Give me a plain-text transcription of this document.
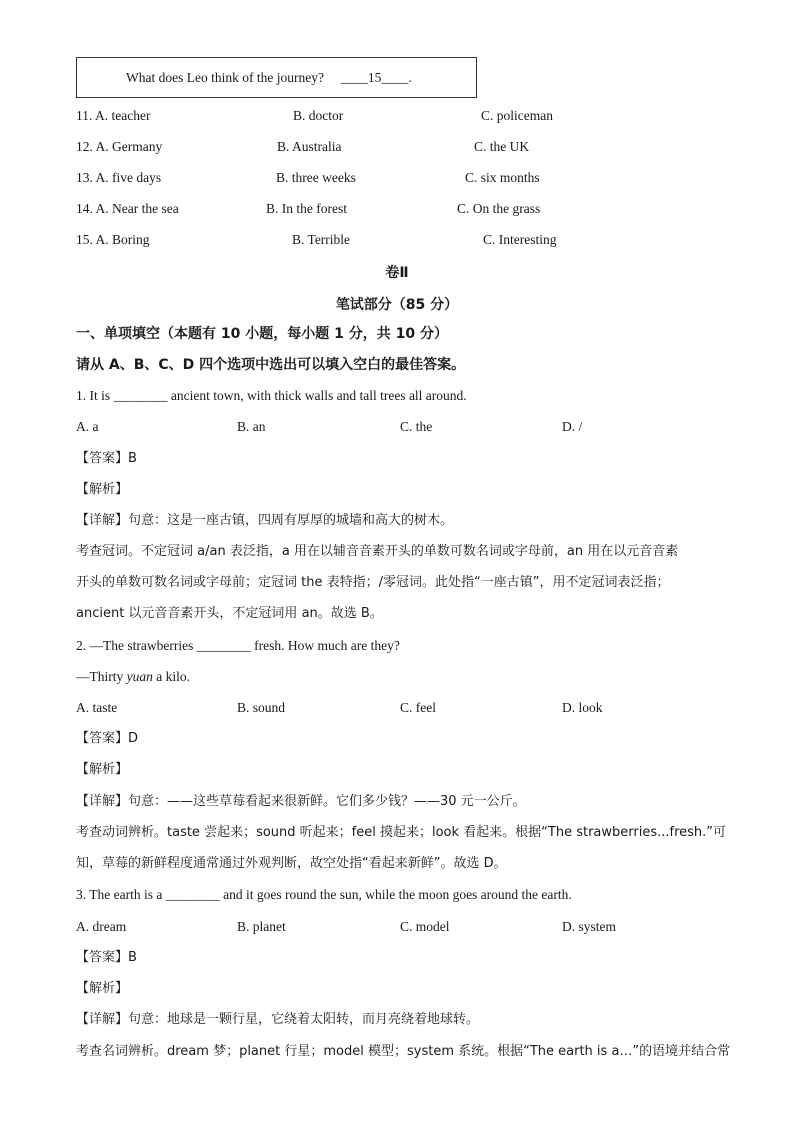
What does Leo think of the journey? ____15____.
11. A. teacher	B. doctor	C. policeman
12. A. Germany	B. Australia	C. the UK
13. A. five days	B. three weeks	C. six months
14. A. Near the sea	B. In the forest	C. On the grass
15. A. Boring	B. Terrible	C. Interesting
卷Ⅱ
笔试部分（85 分）
一、单项填空（本题有 10 小题，每小题 1 分，共 10 分）
请从 A、B、C、D 四个选项中选出可以填入空白的最佳答案。
1. It is ________ ancient town, with thick walls and tall trees all around.
A. a	B. an	C. the	D. /
【答案】B
【解析】
【详解】句意：这是一座古镇，四周有厚厚的城墙和高大的树木。
考查冠词。不定冠词 a/an 表泛指，a 用在以辅音音素开头的单数可数名词或字母前，an 用在以元音音素
开头的单数可数名词或字母前；定冠词 the 表特指；/零冠词。此处指“一座古镇”，用不定冠词表泛指；
ancient 以元音音素开头，不定冠词用 an。故选 B。
2. —The strawberries ________ fresh. How much are they?
—Thirty yuan a kilo.
A. taste	B. sound	C. feel	D. look
【答案】D
【解析】
【详解】句意：——这些草莓看起来很新鲜。它们多少钱？——30 元一公斤。
考查动词辨析。taste 尝起来；sound 听起来；feel 摸起来；look 看起来。根据“The strawberries...fresh.”可
知，草莓的新鲜程度通常通过外观判断，故空处指“看起来新鲜”。故选 D。
3. The earth is a ________ and it goes round the sun, while the moon goes around the earth.
A. dream	B. planet	C. model	D. system
【答案】B
【解析】
【详解】句意：地球是一颗行星，它绕着太阳转，而月亮绕着地球转。
考查名词辨析。dream 梦；planet 行星；model 模型；system 系统。根据“The earth is a…”的语境并结合常
